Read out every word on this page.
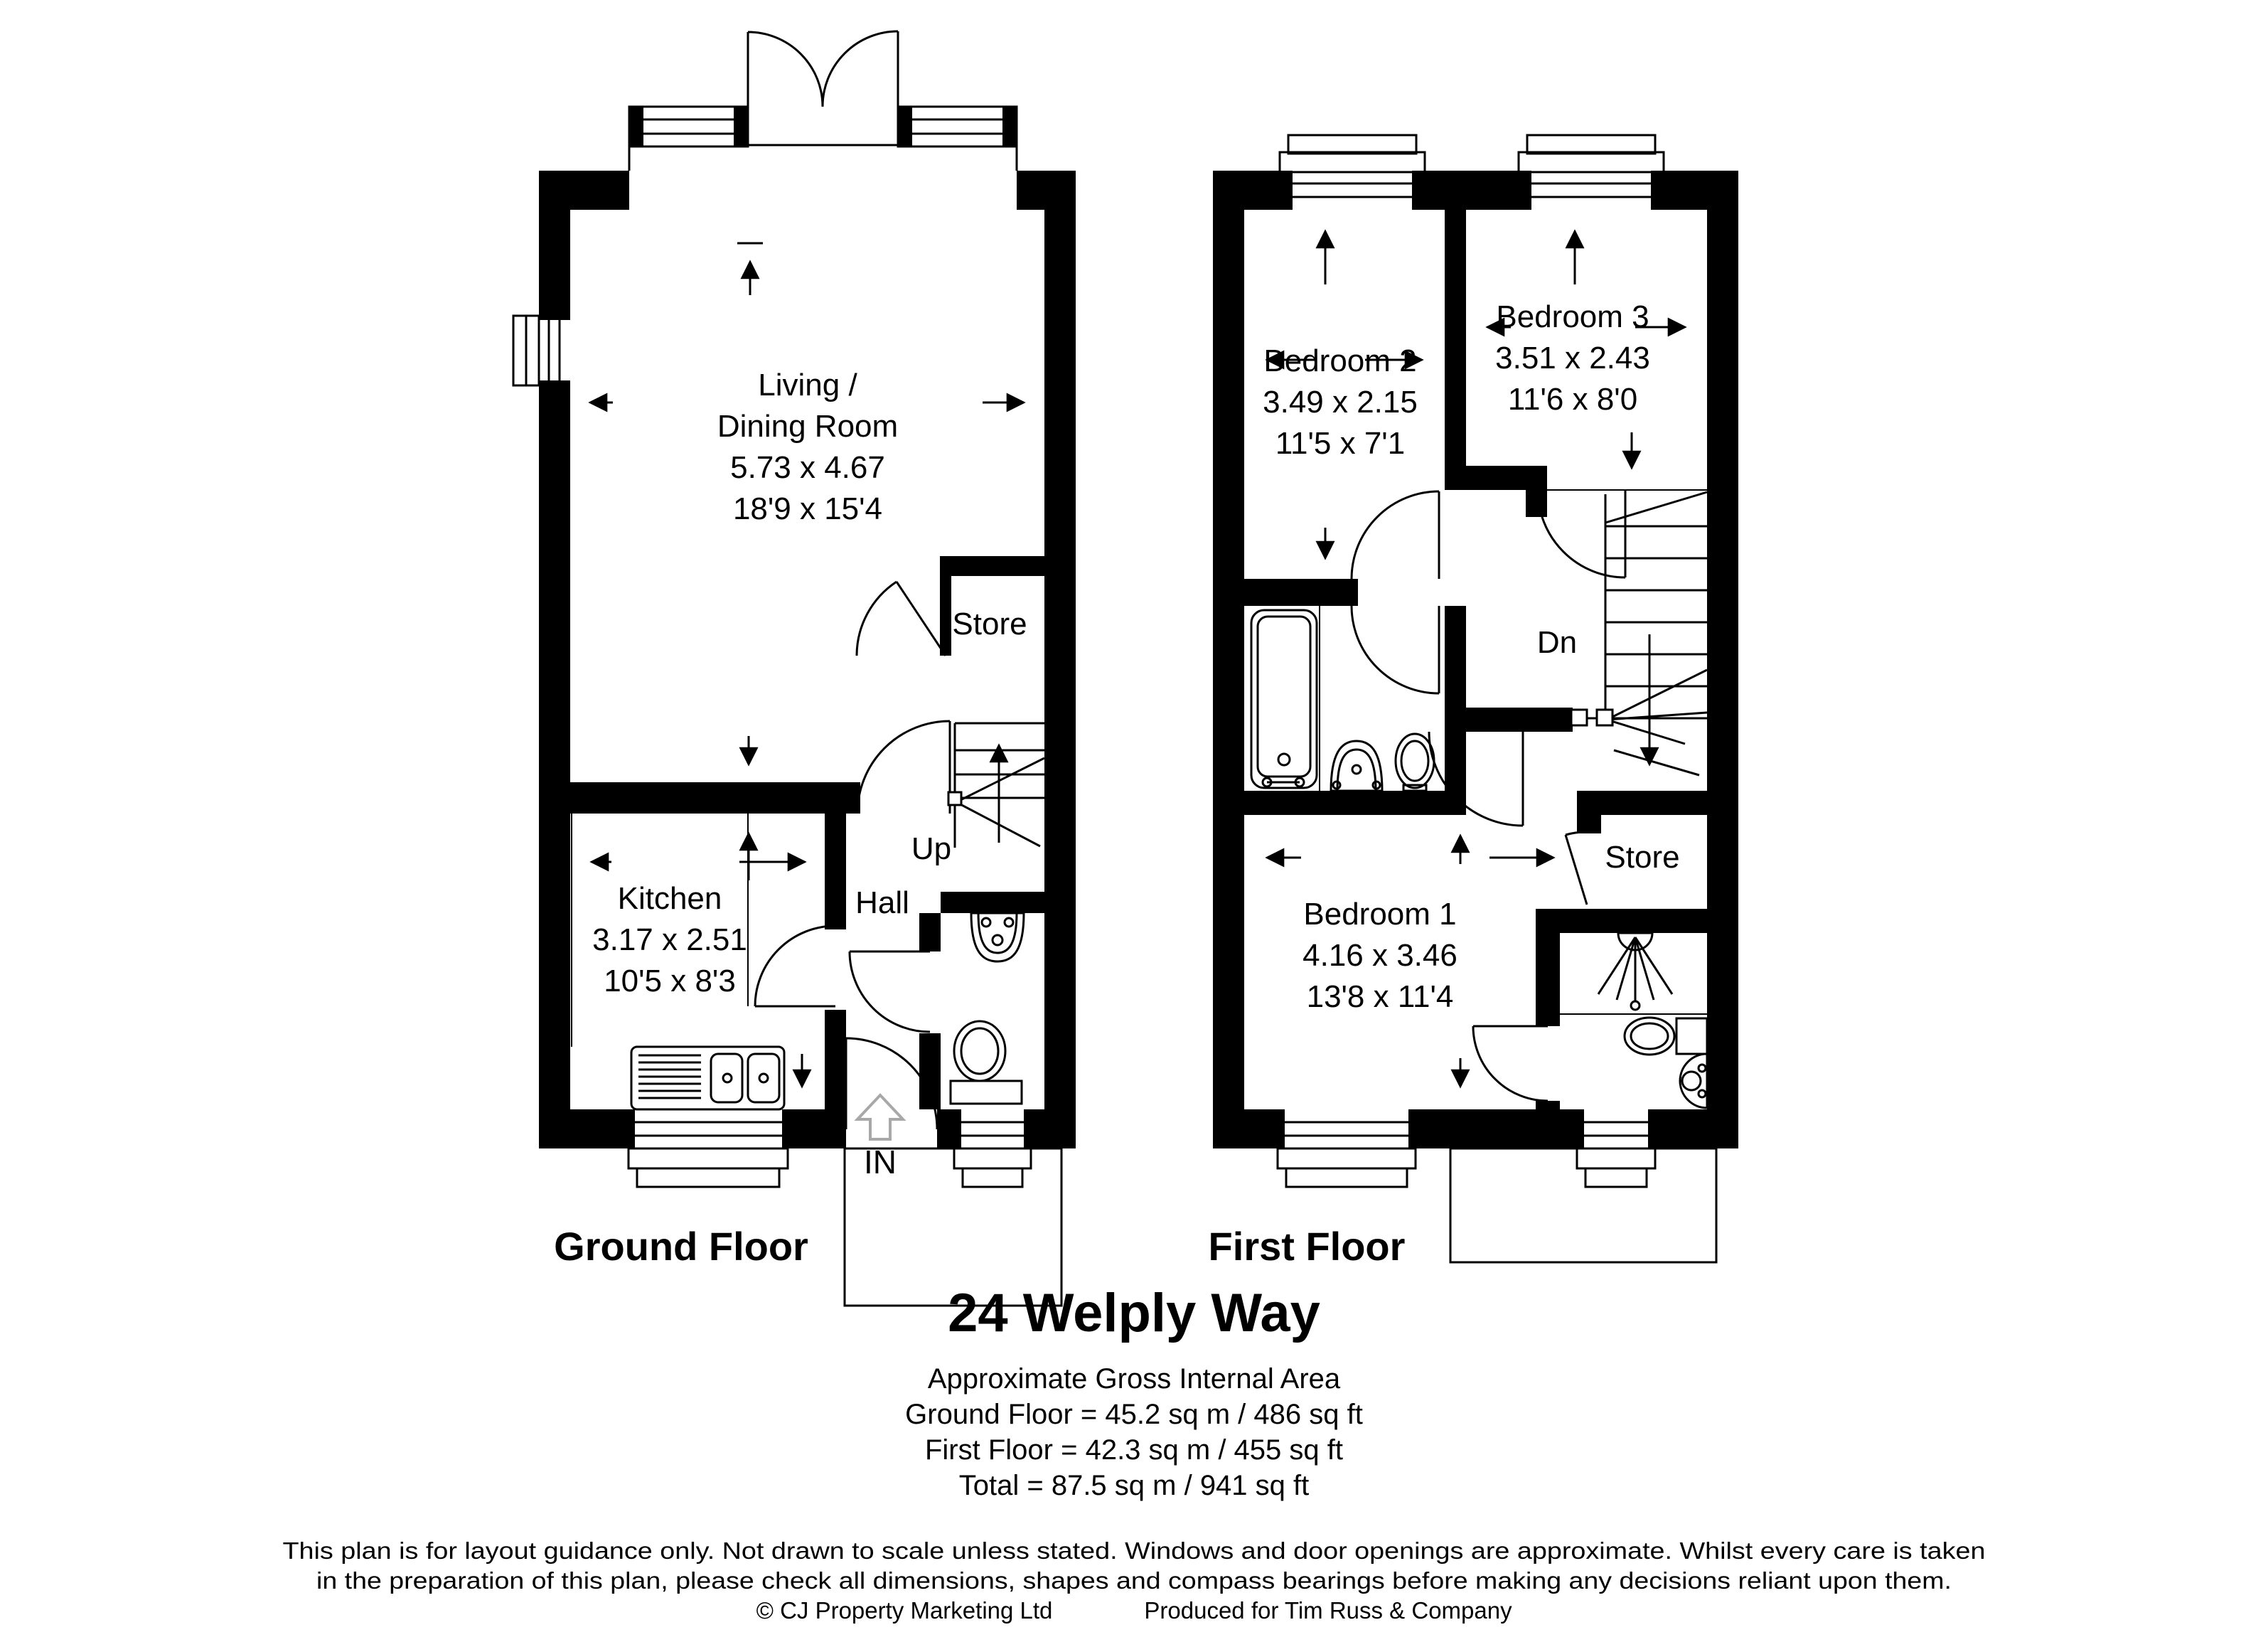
Living /
Dining Room
5.73 x 4.67
18'9 x 15'4
Kitchen
3.17 x 2.51
10'5 x 8'3
Hall
Store
Up
IN
Ground Floor
Bedroom 2
3.49 x 2.15
11'5 x 7'1
Bedroom 3
3.51 x 2.43
11'6 x 8'0
Bedroom 1
4.16 x 3.46
13'8 x 11'4
Store
Dn
First Floor
24 Welply Way
Approximate Gross Internal Area
Ground Floor = 45.2 sq m / 486 sq ft
First Floor = 42.3 sq m / 455 sq ft
Total = 87.5 sq m / 941 sq ft
This plan is for layout guidance only. Not drawn to scale unless stated. Windows and door openings are approximate. Whilst every care is taken
in the preparation of this plan, please check all dimensions, shapes and compass bearings before making any decisions reliant upon them.
© CJ Property Marketing Ltd	Produced for Tim Russ & Company
